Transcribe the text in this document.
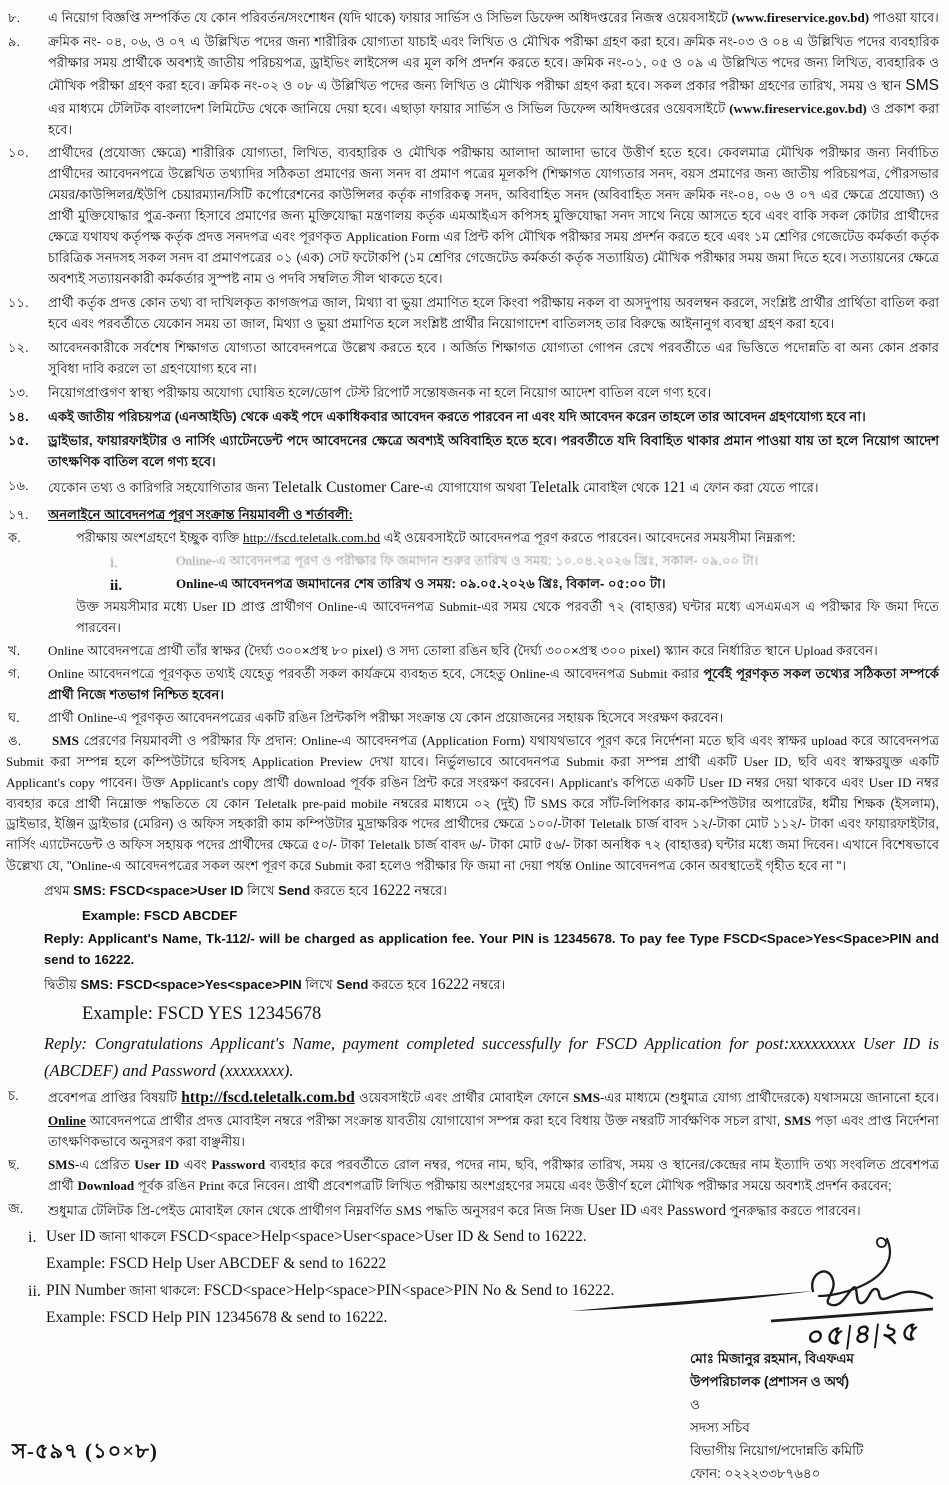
৮. এ নিয়োগ বিজ্ঞপ্তি সম্পর্কিত যে কোন পরিবর্তন/সংশোধন (যদি থাকে) ফায়ার সার্ভিস ও সিভিল ডিফেন্স অধিদপ্তরের নিজস্ব ওয়েবসাইটে (www.fireservice.gov.bd) পাওয়া যাবে।
৯. ক্রমিক নং- ০৪, ০৬, ও ০৭ এ উল্লিখিত পদের জন্য শারীরিক যোগ্যতা যাচাই এবং লিখিত ও মৌখিক পরীক্ষা গ্রহণ করা হবে। ক্রমিক নং-০৩ ও ০৪ এ উল্লিখিত পদের ব্যবহারিক পরীক্ষার সময় প্রার্থীকে অবশ্যই জাতীয় পরিচয়পত্র, ড্রাইভিং লাইসেন্স এর মূল কপি প্রদর্শন করতে হবে। ক্রমিক নং-০১, ০৫ ও ০৯ এ উল্লিখিত পদের জন্য লিখিত, ব্যবহারিক ও মৌখিক পরীক্ষা গ্রহণ করা হবে। ক্রমিক নং-০২ ও ০৮ এ উল্লিখিত পদের জন্য লিখিত ও মৌখিক পরীক্ষা গ্রহণ করা হবে। সকল প্রকার পরীক্ষা গ্রহণের তারিখ, সময় ও স্থান SMS এর মাধ্যমে টেলিটক বাংলাদেশ লিমিটেড থেকে জানিয়ে দেয়া হবে। এছাড়া ফায়ার সার্ভিস ও সিভিল ডিফেন্স অধিদপ্তরের ওয়েবসাইটে (www.fireservice.gov.bd) ও প্রকাশ করা হবে।
১০. প্রার্থীদের (প্রযোজ্য ক্ষেত্রে) শারীরিক যোগ্যতা, লিখিত, ব্যবহারিক ও মৌখিক পরীক্ষায় আলাদা আলাদা ভাবে উত্তীর্ণ হতে হবে। কেবলমাত্র মৌখিক পরীক্ষার জন্য নির্বাচিত প্রার্থীদের আবেদনপত্রে উল্লেখিত তথ্যাদির সঠিকতা প্রমাণের জন্য সনদ বা প্রমাণ পত্রের মূলকপি (শিক্ষাগত যোগ্যতার সনদ, বয়স প্রমাণের জন্য জাতীয় পরিচয়পত্র, পৌরসভার মেয়র/কাউন্সিলর/ইউপি চেয়ারম্যান/সিটি কর্পোরেশনের কাউন্সিলর কর্তৃক নাগরিকত্ব সনদ, অবিবাহিত সনদ (অবিবাহিত সনদ ক্রমিক নং-০৪, ০৬ ও ০৭ এর ক্ষেত্রে প্রযোজ্য) ও প্রার্থী মুক্তিযোদ্ধার পুত্র-কন্যা হিসাবে প্রমাণের জন্য মুক্তিযোদ্ধা মন্ত্রণালয় কর্তৃক এমআইএস কপিসহ মুক্তিযোদ্ধা সনদ সাথে নিয়ে আসতে হবে এবং বাকি সকল কোটার প্রার্থীদের ক্ষেত্রে যথাযথ কর্তৃপক্ষ কর্তৃক প্রদত্ত সনদপত্র এবং পূরণকৃত Application Form এর প্রিন্ট কপি মৌখিক পরীক্ষার সময় প্রদর্শন করতে হবে এবং ১ম শ্রেণির গেজেটেড কর্মকর্তা কর্তৃক চারিত্রিক সনদসহ সকল সনদ বা প্রমাণপত্রের ০১ (এক) সেট ফটোকপি (১ম শ্রেণির গেজেটেড কর্মকর্তা কর্তৃক সত্যায়িত) মৌখিক পরীক্ষার সময় জমা দিতে হবে। সত্যায়নের ক্ষেত্রে অবশ্যই সত্যায়নকারী কর্মকর্তার সুস্পষ্ট নাম ও পদবি সম্বলিত সীল থাকতে হবে।
১১. প্রার্থী কর্তৃক প্রদত্ত কোন তথ্য বা দাখিলকৃত কাগজপত্র জাল, মিথ্যা বা ভুয়া প্রমাণিত হলে কিংবা পরীক্ষায় নকল বা অসদুপায় অবলম্বন করলে, সংশ্লিষ্ট প্রার্থীর প্রার্থিতা বাতিল করা হবে এবং পরবর্তীতে যেকোন সময় তা জাল, মিথ্যা ও ভুয়া প্রমাণিত হলে সংশ্লিষ্ট প্রার্থীর নিয়োগাদেশ বাতিলসহ তার বিরুদ্ধে আইনানুগ ব্যবস্থা গ্রহণ করা হবে।
১২. আবেদনকারীকে সর্বশেষ শিক্ষাগত যোগ্যতা আবেদনপত্রে উল্লেখ করতে হবে । অর্জিত শিক্ষাগত যোগ্যতা গোপন রেখে পরবর্তীতে এর ভিত্তিতে পদোন্নতি বা অন্য কোন প্রকার সুবিধা দাবি করলে তা গ্রহণযোগ্য হবে না।
১৩. নিয়োগপ্রাপ্তগণ স্বাস্থ্য পরীক্ষায় অযোগ্য ঘোষিত হলে/ডোপ টেস্ট রিপোর্ট সন্তোষজনক না হলে নিয়োগ আদেশ বাতিল বলে গণ্য হবে।
১৪. একই জাতীয় পরিচয়পত্র (এনআইডি) থেকে একই পদে একাধিকবার আবেদন করতে পারবেন না এবং যদি আবেদন করেন তাহলে তার আবেদন গ্রহণযোগ্য হবে না।
১৫. ড্রাইভার, ফায়ারফাইটার ও নার্সিং এ্যাটেনডেন্ট পদে আবেদনের ক্ষেত্রে অবশ্যই অবিবাহিত হতে হবে। পরবর্তীতে যদি বিবাহিত থাকার প্রমান পাওয়া যায় তা হলে নিয়োগ আদেশ তাৎক্ষণিক বাতিল বলে গণ্য হবে।
১৬. যেকোন তথ্য ও কারিগরি সহযোগিতার জন্য Teletalk Customer Care-এ যোগাযোগ অথবা Teletalk মোবাইল থেকে 121 এ ফোন করা যেতে পারে।
১৭. অনলাইনে আবেদনপত্র পূরণ সংক্রান্ত নিয়মাবলী ও শর্তাবলী:
ক.	পরীক্ষায় অংশগ্রহণে ইচ্ছুক ব্যক্তি http://fscd.teletalk.com.bd এই ওয়েবসাইটে আবেদনপত্র পূরণ করতে পারবেন। আবেদনের সময়সীমা নিম্নরূপ:
i.	Online-এ আবেদনপত্র পূরণ ও পরীক্ষার ফি জমাদান শুরুর তারিখ ও সময়: ১০.০৪.২০২৬ খ্রিঃ, সকাল- ০৯.০০ টা।
ii.	Online-এ আবেদনপত্র জমাদানের শেষ তারিখ ও সময়: ০৯.০৫.২০২৬ খ্রিঃ, বিকাল- ০৫:০০ টা।
উক্ত সময়সীমার মধ্যে User ID প্রাপ্ত প্রার্থীগণ Online-এ আবেদনপত্র Submit-এর সময় থেকে পরবর্তী ৭২ (বাহাত্তর) ঘন্টার মধ্যে এসএমএস এ পরীক্ষার ফি জমা দিতে পারবেন।
খ. Online আবেদনপত্রে প্রার্থী তাঁর স্বাক্ষর (দৈর্ঘ্য ৩০০×প্রস্থ ৮০ pixel) ও সদ্য তোলা রঙিন ছবি (দৈর্ঘ্য ৩০০×প্রস্থ ৩০০ pixel) স্ক্যান করে নির্ধারিত স্থানে Upload করবেন।
গ. Online আবেদনপত্রে পূরণকৃত তথ্যই যেহেতু পরবর্তী সকল কার্যক্রমে ব্যবহৃত হবে, সেহেতু Online-এ আবেদনপত্র Submit করার পূর্বেই পূরণকৃত সকল তথ্যের সঠিকতা সম্পর্কে প্রার্থী নিজে শতভাগ নিশ্চিত হবেন।
ঘ. প্রার্থী Online-এ পূরণকৃত আবেদনপত্রের একটি রঙিন প্রিন্টকপি পরীক্ষা সংক্রান্ত যে কোন প্রয়োজনের সহায়ক হিসেবে সংরক্ষণ করবেন।
ঙ.	SMS প্রেরণের নিয়মাবলী ও পরীক্ষার ফি প্রদান: Online-এ আবেদনপত্র (Application Form) যথাযথভাবে পূরণ করে নির্দেশনা মতে ছবি এবং স্বাক্ষর upload করে আবেদনপত্র Submit করা সম্পন্ন হলে কম্পিউটারে ছবিসহ Application Preview দেখা যাবে। নির্ভুলভাবে আবেদনপত্র Submit করা সম্পন্ন প্রার্থী একটি User ID, ছবি এবং স্বাক্ষরযুক্ত একটি Applicant's copy পাবেন। উক্ত Applicant's copy প্রার্থী download পূর্বক রঙিন প্রিন্ট করে সংরক্ষণ করবেন। Applicant's কপিতে একটি User ID নম্বর দেয়া থাকবে এবং User ID নম্বর ব্যবহার করে প্রার্থী নিম্নোক্ত পদ্ধতিতে যে কোন Teletalk pre-paid mobile নম্বরের মাধ্যমে ০২ (দুই) টি SMS করে সাঁট-লিপিকার কাম-কম্পিউটার অপারেটর, ধর্মীয় শিক্ষক (ইসলাম), ড্রাইভার, ইঞ্জিন ড্রাইভার (মেরিন) ও অফিস সহকারী কাম কম্পিউটার মুদ্রাক্ষরিক পদের প্রার্থীদের ক্ষেত্রে ১০০/-টাকা Teletalk চার্জ বাবদ ১২/-টাকা মোট ১১২/- টাকা এবং ফায়ারফাইটার, নার্সিং এ্যাটেনডেন্ট ও অফিস সহায়ক পদের প্রার্থীদের ক্ষেত্রে ৫০/- টাকা Teletalk চার্জ বাবদ ৬/- টাকা মোট ৫৬/- টাকা অনধিক ৭২ (বাহাত্তর) ঘন্টার মধ্যে জমা দিবেন। এখানে বিশেষভাবে উল্লেখ্য যে, "Online-এ আবেদনপত্রের সকল অংশ পূরণ করে Submit করা হলেও পরীক্ষার ফি জমা না দেয়া পর্যন্ত Online আবেদনপত্র কোন অবস্থাতেই গৃহীত হবে না "।
প্রথম SMS: FSCD<space>User ID লিখে Send করতে হবে 16222 নম্বরে।
Example: FSCD ABCDEF
Reply: Applicant's Name, Tk-112/- will be charged as application fee. Your PIN is 12345678. To pay fee Type FSCD<Space>Yes<Space>PIN and send to 16222.
দ্বিতীয় SMS: FSCD<space>Yes<space>PIN লিখে Send করতে হবে 16222 নম্বরে।
Example: FSCD YES 12345678
Reply: Congratulations Applicant's Name, payment completed successfully for FSCD Application for post:xxxxxxxxx User ID is (ABCDEF) and Password (xxxxxxxx).
চ. প্রবেশপত্র প্রাপ্তির বিষয়টি http://fscd.teletalk.com.bd ওয়েবসাইটে এবং প্রার্থীর মোবাইল ফোনে SMS-এর মাধ্যমে (শুধুমাত্র যোগ্য প্রার্থীদেরকে) যথাসময়ে জানানো হবে। Online আবেদনপত্রে প্রার্থীর প্রদত্ত মোবাইল নম্বরে পরীক্ষা সংক্রান্ত যাবতীয় যোগাযোগ সম্পন্ন করা হবে বিধায় উক্ত নম্বরটি সার্বক্ষণিক সচল রাখা, SMS পড়া এবং প্রাপ্ত নির্দেশনা তাৎক্ষণিকভাবে অনুসরণ করা বাঞ্ছনীয়।
ছ. SMS-এ প্রেরিত User ID এবং Password ব্যবহার করে পরবর্তীতে রোল নম্বর, পদের নাম, ছবি, পরীক্ষার তারিখ, সময় ও স্থানের/কেন্দ্রের নাম ইত্যাদি তথ্য সংবলিত প্রবেশপত্র প্রার্থী Download পূর্বক রঙিন Print করে নিবেন। প্রার্থী প্রবেশপত্রটি লিখিত পরীক্ষায় অংশগ্রহণের সময়ে এবং উত্তীর্ণ হলে মৌখিক পরীক্ষার সময়ে অবশ্যই প্রদর্শন করবেন;
জ. শুধুমাত্র টেলিটক প্রি-পেইড মোবাইল ফোন থেকে প্রার্থীগণ নিম্নবর্ণিত SMS পদ্ধতি অনুসরণ করে নিজ নিজ User ID এবং Password পুনরুদ্ধার করতে পারবেন।
i. User ID জানা থাকলে FSCD<space>Help<space>User<space>User ID & Send to 16222.
Example: FSCD Help User ABCDEF & send to 16222
ii. PIN Number জানা থাকলে: FSCD<space>Help<space>PIN<space>PIN No & Send to 16222.
Example: FSCD Help PIN 12345678 & send to 16222.	০৫|৪|২৫
মোঃ মিজানুর রহমান, বিএফএম
উপপরিচালক (প্রশাসন ও অর্থ)
ও
সদস্য সচিব
বিভাগীয় নিয়োগ/পদোন্নতি কমিটি
ফোন: ০২২২৩৩৮৭৬৪০
স-৫৯৭ (১০×৮)
